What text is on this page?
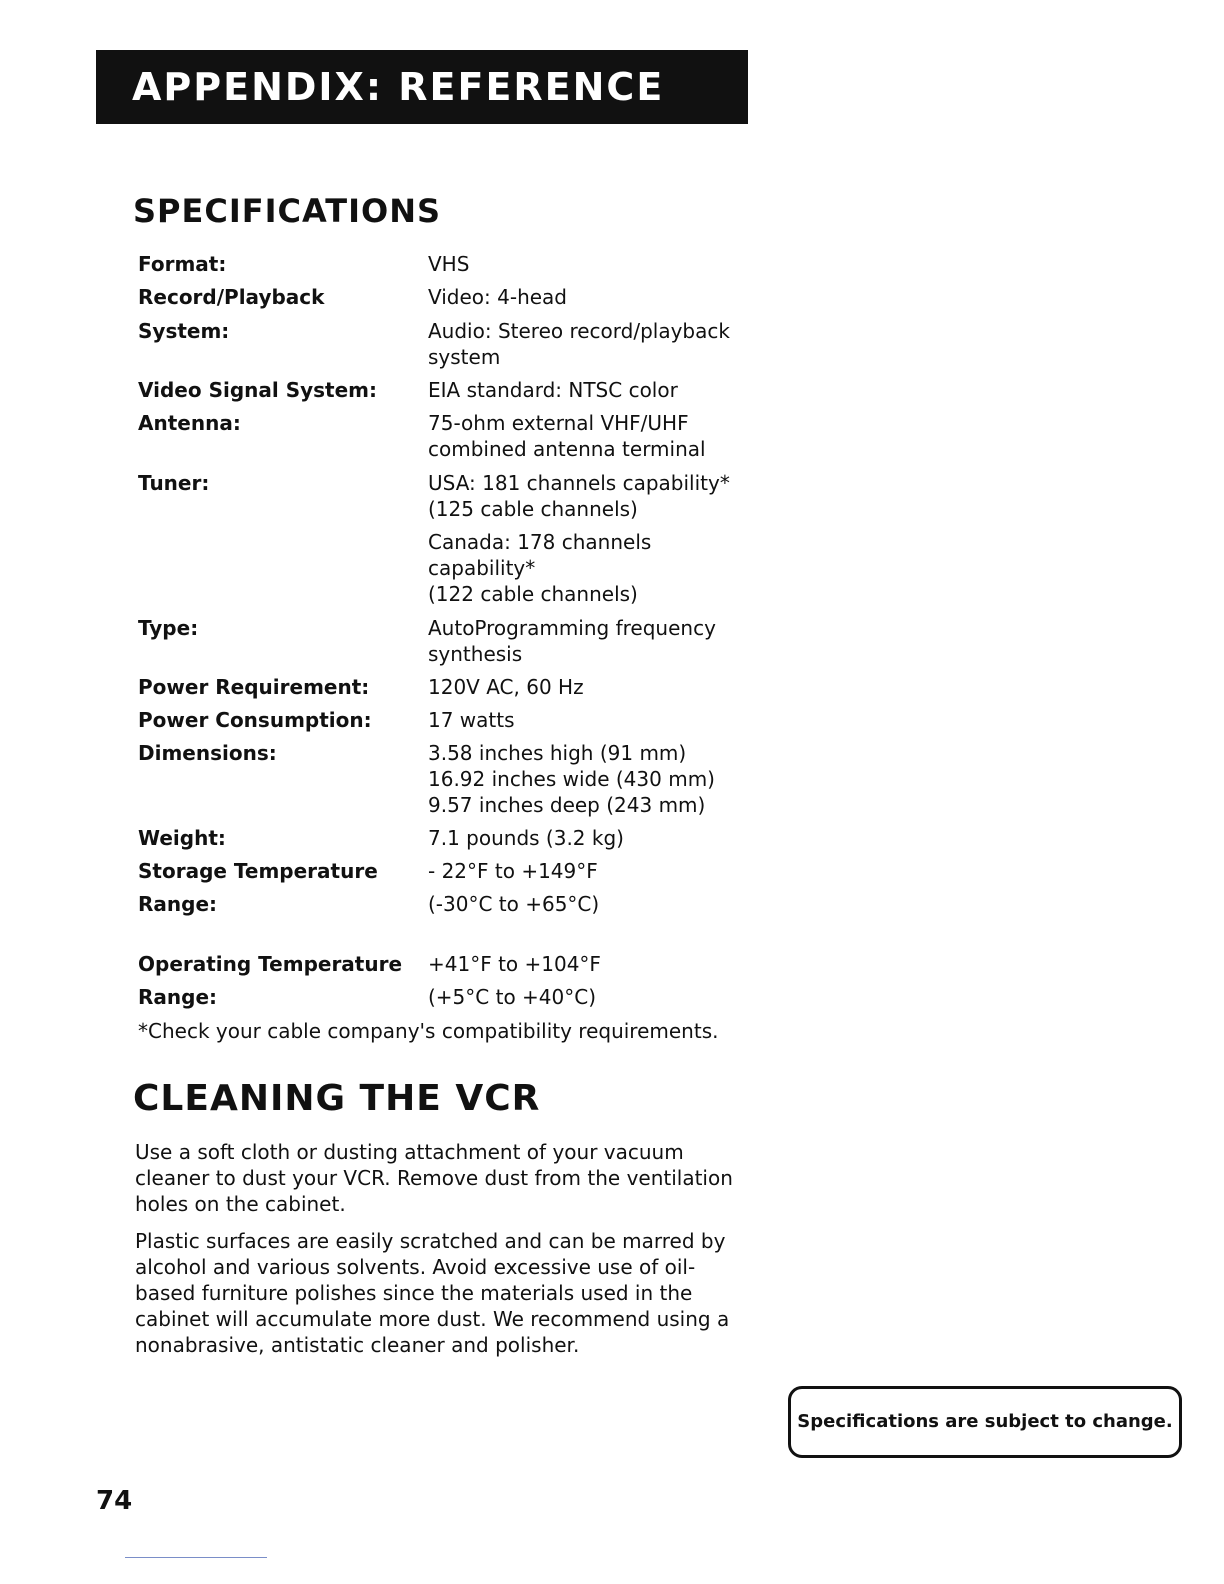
APPENDIX: REFERENCE
SPECIFICATIONS
Format:	VHS
Record/Playback	Video: 4-head
System:	Audio: Stereo record/playback
system
Video Signal System:	EIA standard: NTSC color
Antenna:	75-ohm external VHF/UHF
combined antenna terminal
Tuner:	USA: 181 channels capability*
(125 cable channels)
Canada: 178 channels
capability*
(122 cable channels)
Type:	AutoProgramming frequency
synthesis
Power Requirement:	120V AC, 60 Hz
Power Consumption:	17 watts
Dimensions:	3.58 inches high (91 mm)
16.92 inches wide (430 mm)
9.57 inches deep (243 mm)
Weight:	7.1 pounds (3.2 kg)
Storage Temperature	- 22°F to +149°F
Range:	(-30°C to +65°C)
Operating Temperature +41°F to +104°F
Range:	(+5°C to +40°C)
*Check your cable company's compatibility requirements.
CLEANING THE VCR
Use a soft cloth or dusting attachment of your vacuum
cleaner to dust your VCR. Remove dust from the ventilation
holes on the cabinet.
Plastic surfaces are easily scratched and can be marred by
alcohol and various solvents. Avoid excessive use of oil-
based furniture polishes since the materials used in the
cabinet will accumulate more dust. We recommend using a
nonabrasive, antistatic cleaner and polisher.
Specifications are subject to change.
74
